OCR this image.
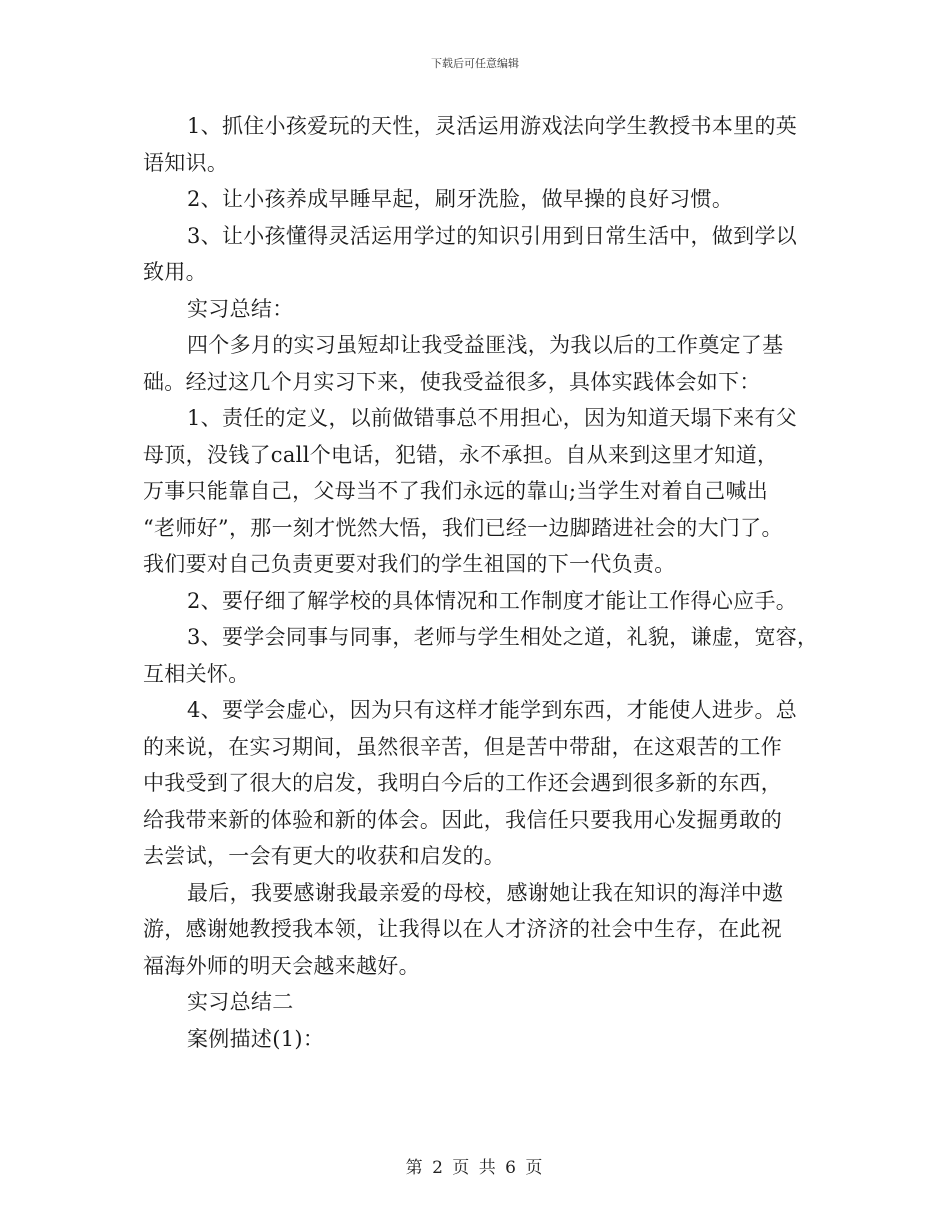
下载后可任意编辑
1、抓住小孩爱玩的天性，灵活运用游戏法向学生教授书本里的英
语知识。
2、让小孩养成早睡早起，刷牙洗脸，做早操的良好习惯。
3、让小孩懂得灵活运用学过的知识引用到日常生活中，做到学以
致用。
实习总结：
四个多月的实习虽短却让我受益匪浅，为我以后的工作奠定了基
础。经过这几个月实习下来，使我受益很多，具体实践体会如下：
1、责任的定义，以前做错事总不用担心，因为知道天塌下来有父
母顶，没钱了call个电话，犯错，永不承担。自从来到这里才知道，
万事只能靠自己，父母当不了我们永远的靠山;当学生对着自己喊出
“老师好”，那一刻才恍然大悟，我们已经一边脚踏进社会的大门了。
我们要对自己负责更要对我们的学生祖国的下一代负责。
2、要仔细了解学校的具体情况和工作制度才能让工作得心应手。
3、要学会同事与同事，老师与学生相处之道，礼貌，谦虚，宽容，
互相关怀。
4、要学会虚心，因为只有这样才能学到东西，才能使人进步。总
的来说，在实习期间，虽然很辛苦，但是苦中带甜，在这艰苦的工作
中我受到了很大的启发，我明白今后的工作还会遇到很多新的东西，
给我带来新的体验和新的体会。因此，我信任只要我用心发掘勇敢的
去尝试，一会有更大的收获和启发的。
最后，我要感谢我最亲爱的母校，感谢她让我在知识的海洋中遨
游，感谢她教授我本领，让我得以在人才济济的社会中生存，在此祝
福海外师的明天会越来越好。
实习总结二
案例描述(1)：
第 2 页 共 6 页
